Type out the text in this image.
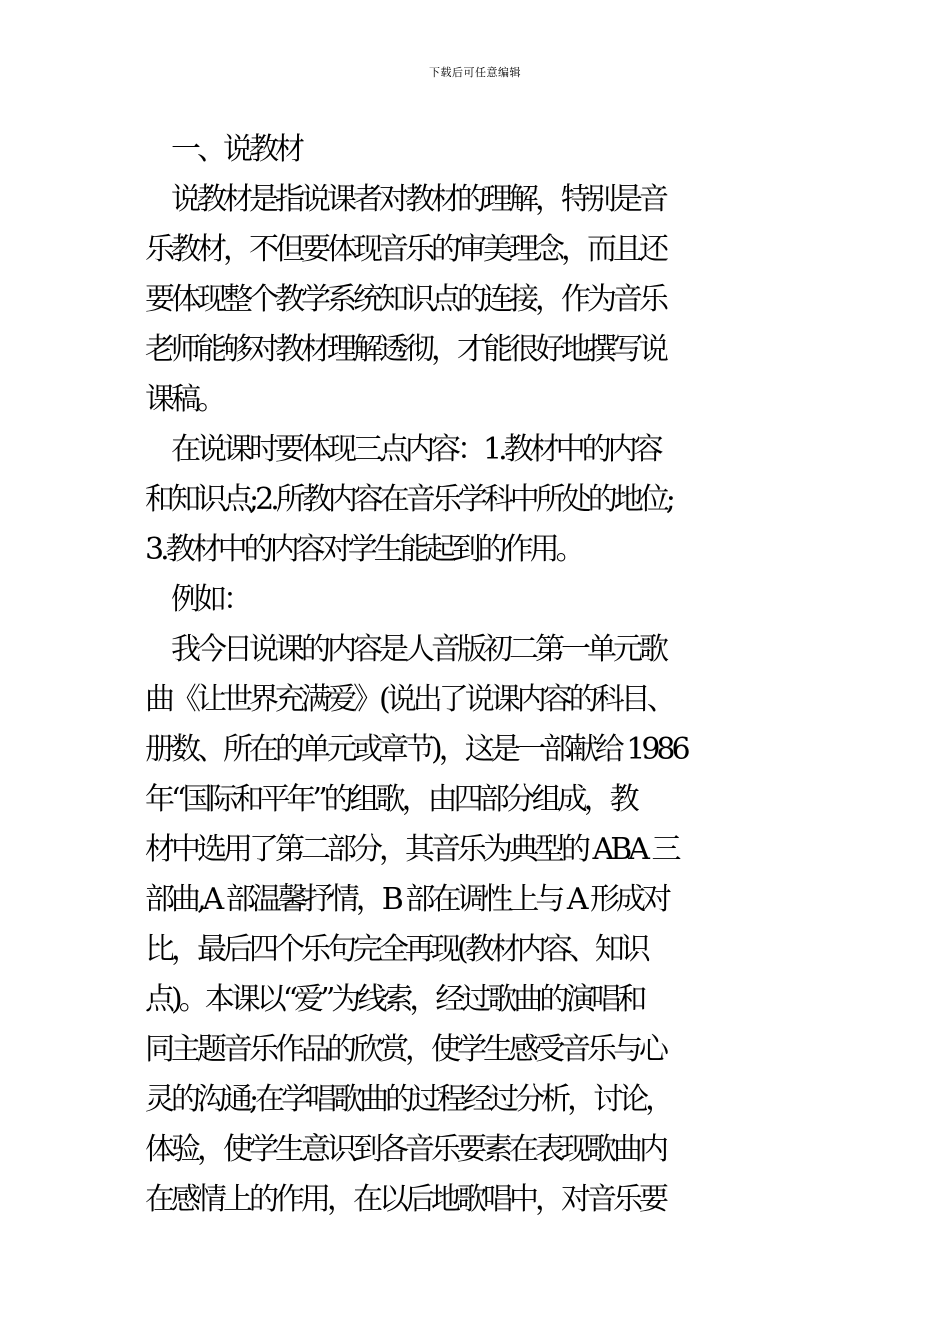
下载后可任意编辑
　一、说教材
　说教材是指说课者对教材的理解，特别是音
乐教材，不但要体现音乐的审美理念，而且还
要体现整个教学系统知识点的连接，作为音乐
老师能够对教材理解透彻，才能很好地撰写说
课稿。
　在说课时要体现三点内容：1.教材中的内容
和知识点;2.所教内容在音乐学科中所处的地位;
3.教材中的内容对学生能起到的作用。
　例如：
　我今日说课的内容是人音版初二第一单元歌
曲《让世界充满爱》(说出了说课内容的科目、
册数、所在的单元或章节)，这是一部献给 1986
年“国际和平年”的组歌，由四部分组成，教
材中选用了第二部分，其音乐为典型的 ABA 三
部曲,A 部温馨抒情，B 部在调性上与 A 形成对
比，最后四个乐句完全再现(教材内容、知识
点)。本课以“爱”为线索，经过歌曲的演唱和
同主题音乐作品的欣赏，使学生感受音乐与心
灵的沟通;在学唱歌曲的过程经过分析，讨论，
体验，使学生意识到各音乐要素在表现歌曲内
在感情上的作用，在以后地歌唱中，对音乐要
